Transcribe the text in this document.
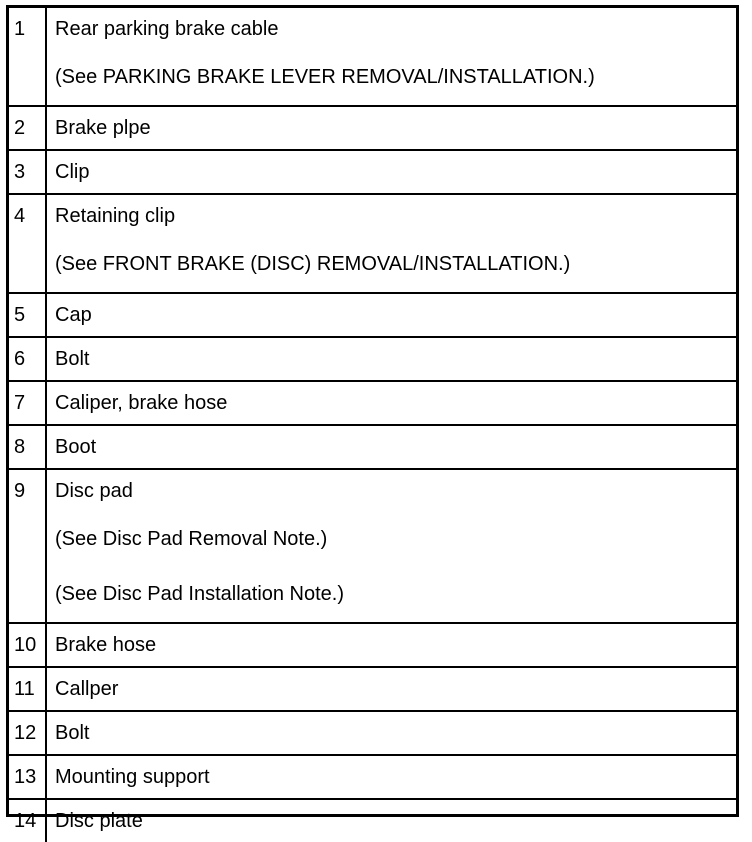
1	Rear parking brake cable
(See PARKING BRAKE LEVER REMOVAL/INSTALLATION.)

2	Brake plpe

3	Clip

4	Retaining clip
(See FRONT BRAKE (DISC) REMOVAL/INSTALLATION.)

5	Cap

6	Bolt

7	Caliper, brake hose

8	Boot

9	Disc pad
(See Disc Pad Removal Note.)
(See Disc Pad Installation Note.)

10	Brake hose

11	Callper

12	Bolt

13	Mounting support

14	Disc plate
